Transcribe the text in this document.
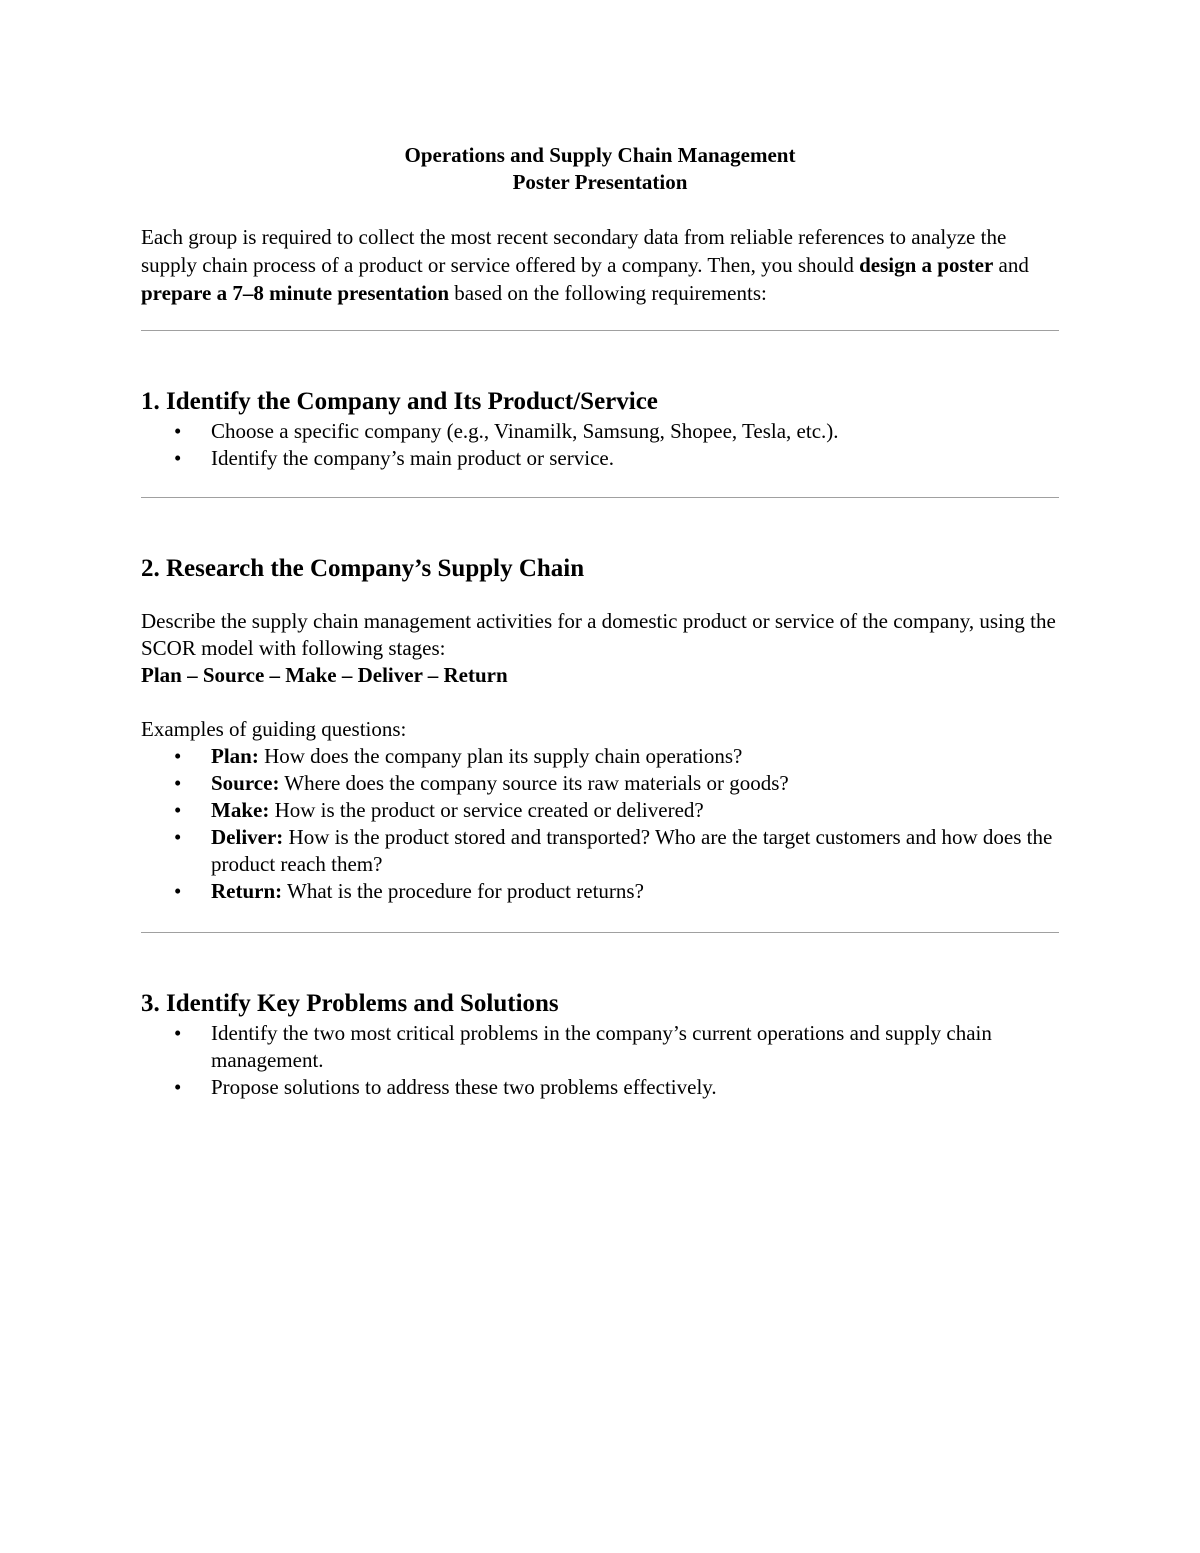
Operations and Supply Chain Management
Poster Presentation
Each group is required to collect the most recent secondary data from reliable references to analyze the supply chain process of a product or service offered by a company. Then, you should design a poster and prepare a 7–8 minute presentation based on the following requirements:
1. Identify the Company and Its Product/Service
• Choose a specific company (e.g., Vinamilk, Samsung, Shopee, Tesla, etc.).
• Identify the company’s main product or service.
2. Research the Company’s Supply Chain
Describe the supply chain management activities for a domestic product or service of the company, using the SCOR model with following stages:
Plan – Source – Make – Deliver – Return
Examples of guiding questions:
• Plan: How does the company plan its supply chain operations?
• Source: Where does the company source its raw materials or goods?
• Make: How is the product or service created or delivered?
• Deliver: How is the product stored and transported? Who are the target customers and how does the product reach them?
• Return: What is the procedure for product returns?
3. Identify Key Problems and Solutions
• Identify the two most critical problems in the company’s current operations and supply chain management.
• Propose solutions to address these two problems effectively.
